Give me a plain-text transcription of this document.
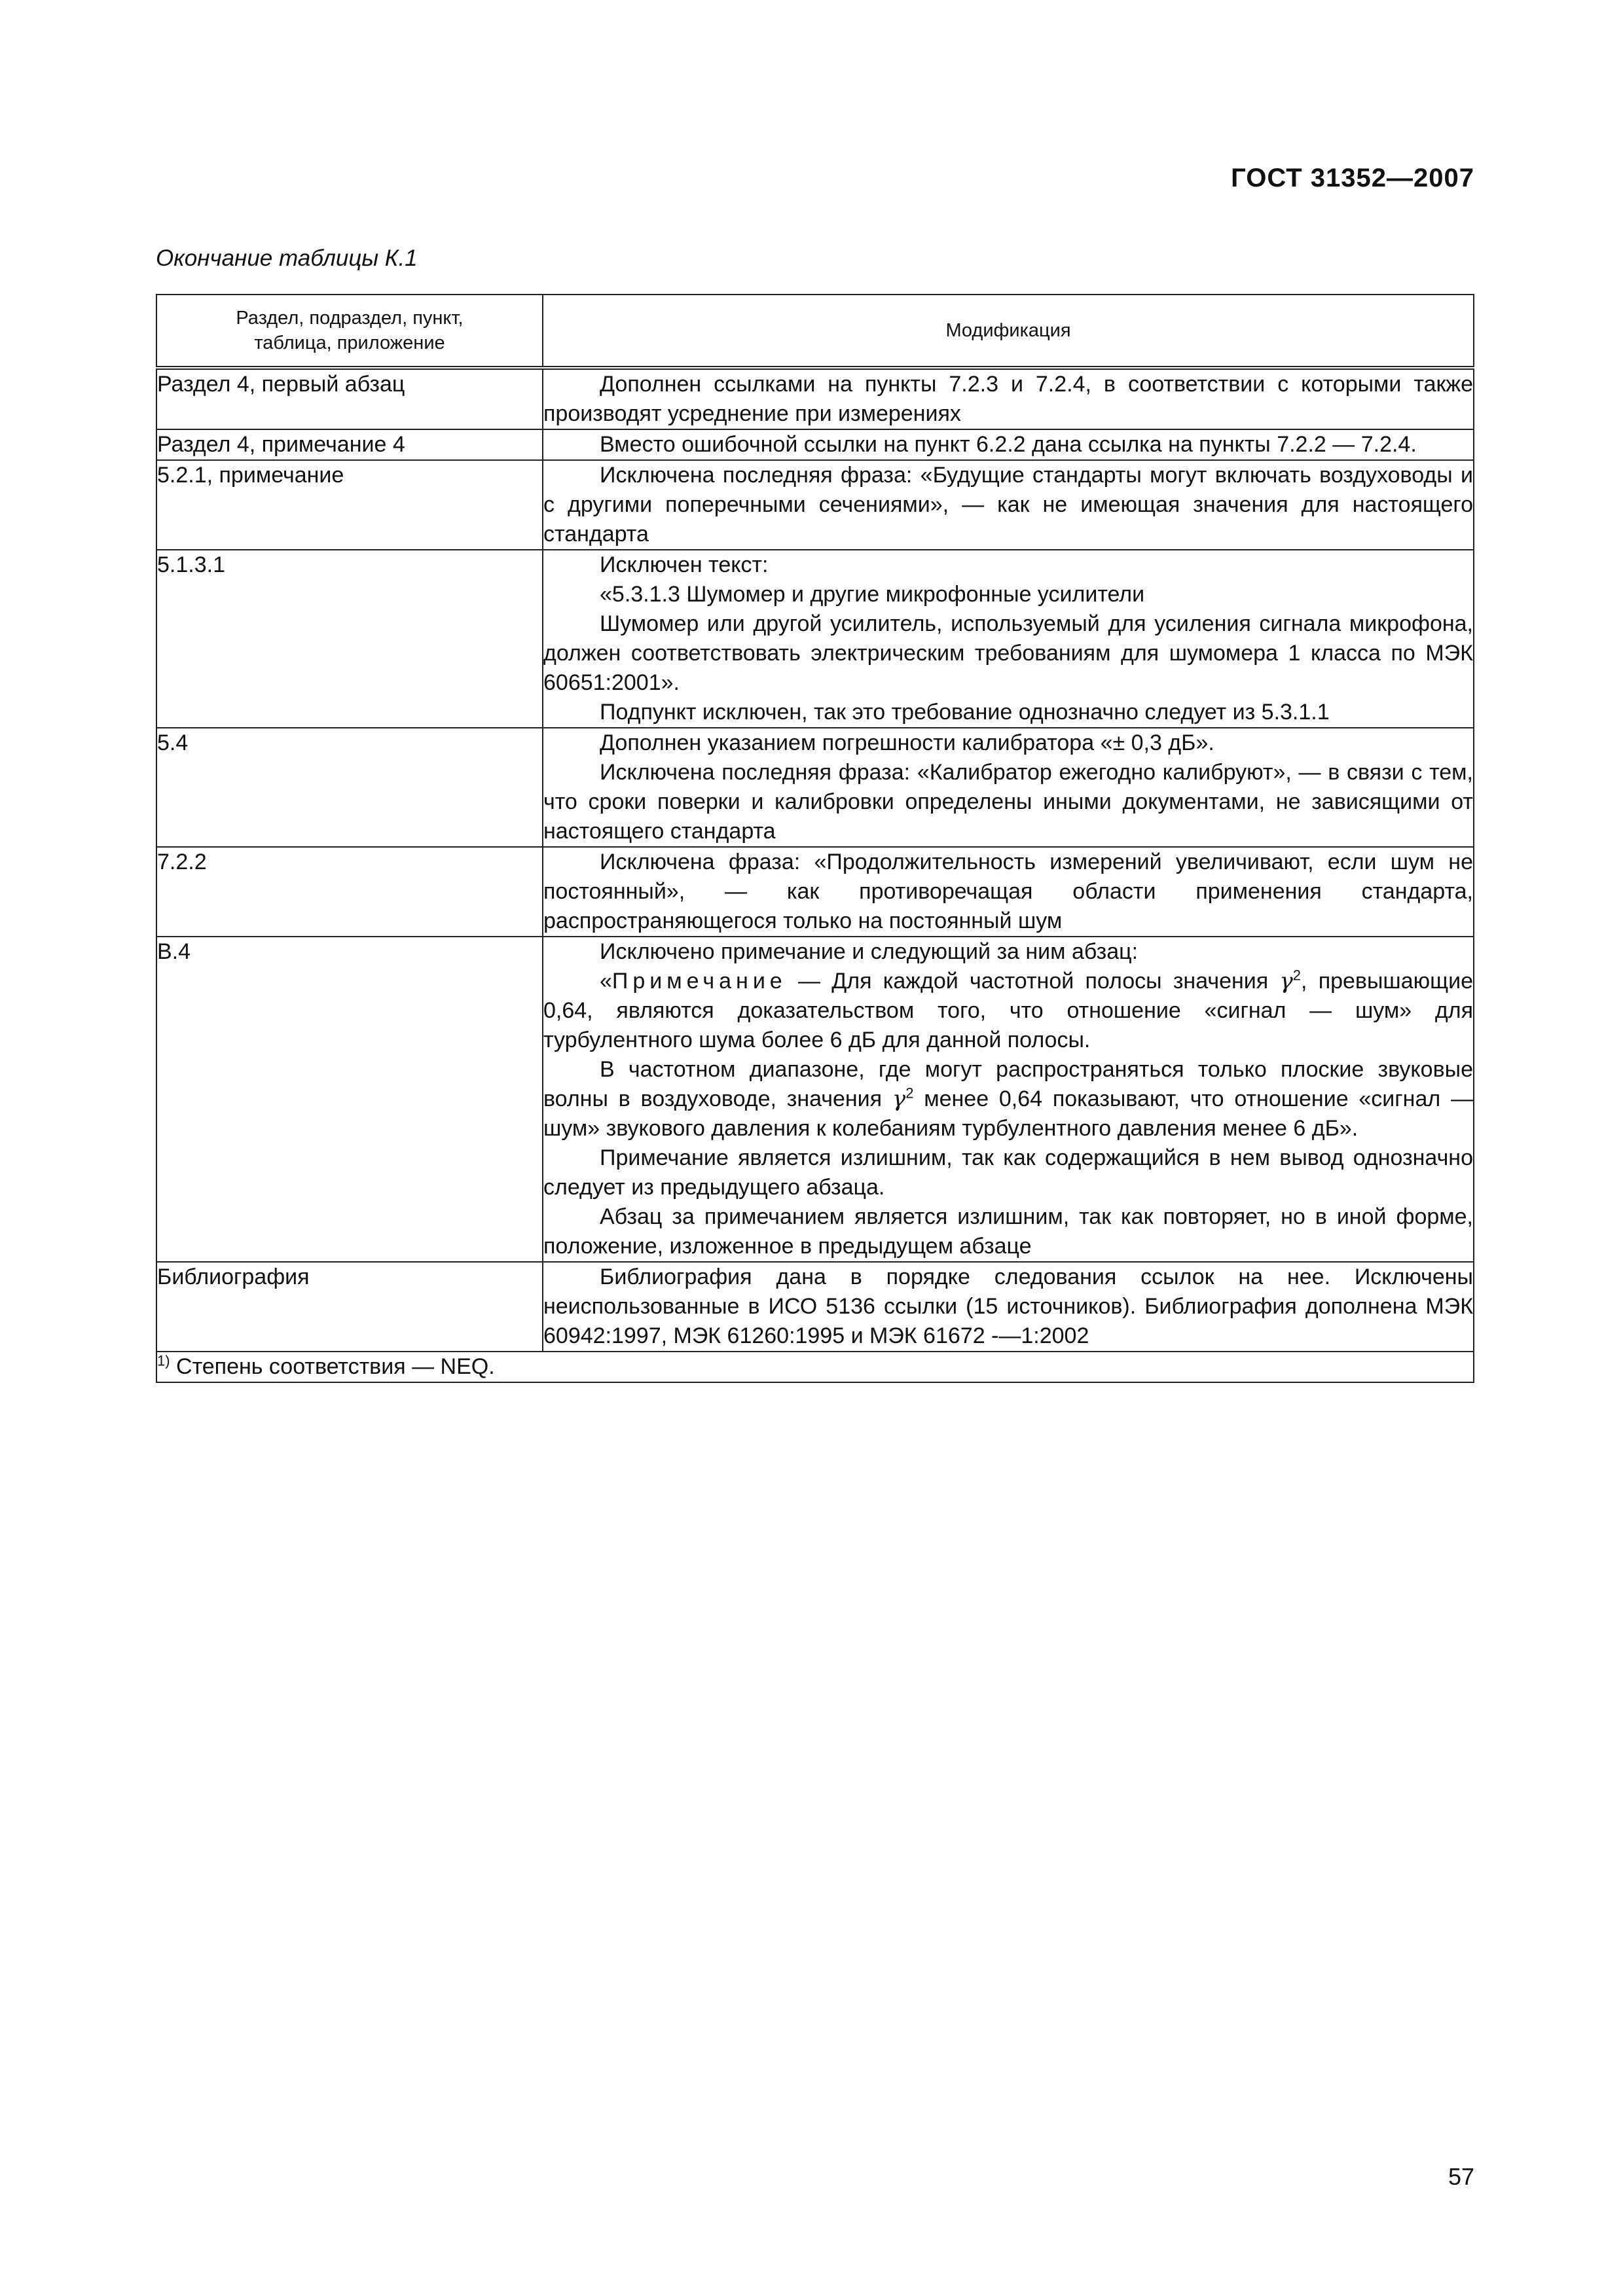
ГОСТ 31352—2007
Окончание таблицы К.1
Раздел, подраздел, пункт, таблица, приложение	Модификация
Раздел 4, первый абзац	Дополнен ссылками на пункты 7.2.3 и 7.2.4, в соответствии с которыми также производят усреднение при измерениях

Раздел 4, примечание 4	Вместо ошибочной ссылки на пункт 6.2.2 дана ссылка на пункты 7.2.2 — 7.2.4.

5.2.1, примечание	Исключена последняя фраза: «Будущие стандарты могут включать воздуховоды и с другими поперечными сечениями», — как не имеющая значения для настоящего стандарта

5.1.3.1	Исключен текст:

«5.3.1.3 Шумомер и другие микрофонные усилители

Шумомер или другой усилитель, используемый для усиления сигнала микрофона, должен соответствовать электрическим требованиям для шумомера 1 класса по МЭК 60651:2001».

Подпункт исключен, так это требование однозначно следует из 5.3.1.1

5.4	Дополнен указанием погрешности калибратора «± 0,3 дБ».

Исключена последняя фраза: «Калибратор ежегодно калибруют», — в связи с тем, что сроки поверки и калибровки определены иными документами, не зависящими от настоящего стандарта

7.2.2	Исключена фраза: «Продолжительность измерений увеличивают, если шум не постоянный», — как противоречащая области применения стандарта, распространяющегося только на постоянный шум

В.4	Исключено примечание и следующий за ним абзац:

«Примечание — Для каждой частотной полосы значения $\gamma^2$, превышающие 0,64, являются доказательством того, что отношение «сигнал — шум» для турбулентного шума более 6 дБ для данной полосы.

В частотном диапазоне, где могут распространяться только плоские звуковые волны в воздуховоде, значения $\gamma^2$ менее 0,64 показывают, что отношение «сигнал — шум» звукового давления к колебаниям турбулентного давления менее 6 дБ».

Примечание является излишним, так как содержащийся в нем вывод однозначно следует из предыдущего абзаца.

Абзац за примечанием является излишним, так как повторяет, но в иной форме, положение, изложенное в предыдущем абзаце

Библиография	Библиография дана в порядке следования ссылок на нее. Исключены неиспользованные в ИСО 5136 ссылки (15 источников). Библиография дополнена МЭК 60942:1997, МЭК 61260:1995 и МЭК 61672 -—1:2002

$^{1)}$ Степень соответствия — NEQ.	
57
